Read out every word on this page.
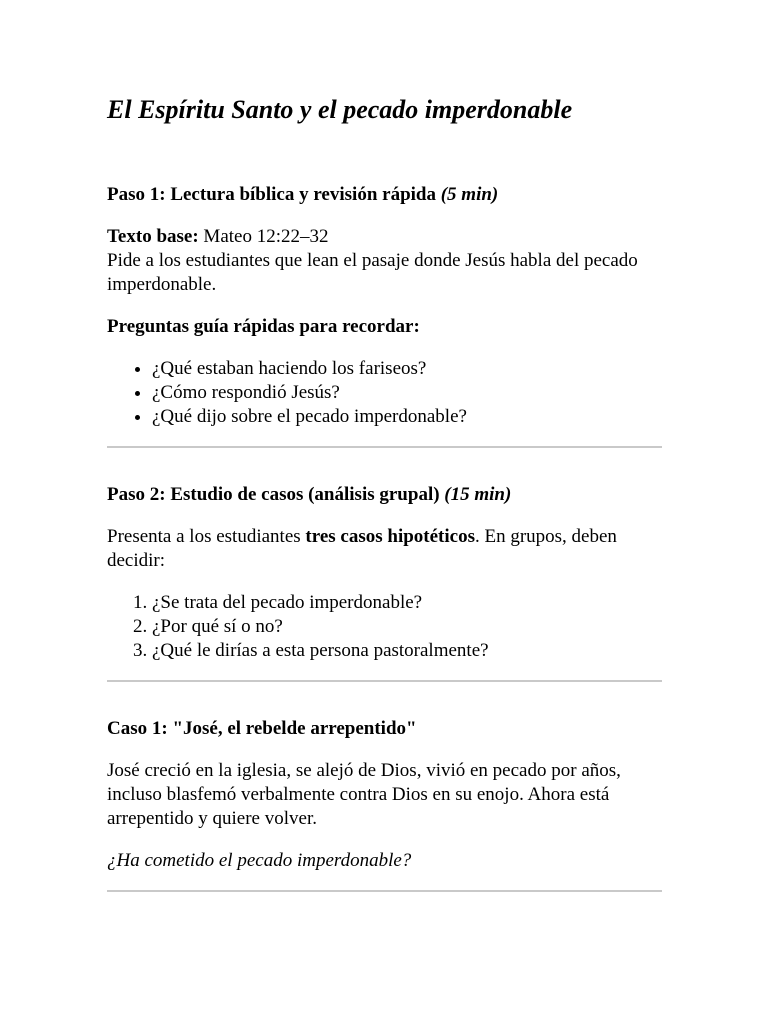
El Espíritu Santo y el pecado imperdonable

Paso 1: Lectura bíblica y revisión rápida (5 min)

Texto base: Mateo 12:22–32

Pide a los estudiantes que lean el pasaje donde Jesús habla del pecado imperdonable.

Preguntas guía rápidas para recordar:

• ¿Qué estaban haciendo los fariseos?
• ¿Cómo respondió Jesús?
• ¿Qué dijo sobre el pecado imperdonable?

Paso 2: Estudio de casos (análisis grupal) (15 min)

Presenta a los estudiantes tres casos hipotéticos. En grupos, deben decidir:

1. ¿Se trata del pecado imperdonable?
2. ¿Por qué sí o no?
3. ¿Qué le dirías a esta persona pastoralmente?

Caso 1: "José, el rebelde arrepentido"

José creció en la iglesia, se alejó de Dios, vivió en pecado por años, incluso blasfemó verbalmente contra Dios en su enojo. Ahora está arrepentido y quiere volver.

¿Ha cometido el pecado imperdonable?
